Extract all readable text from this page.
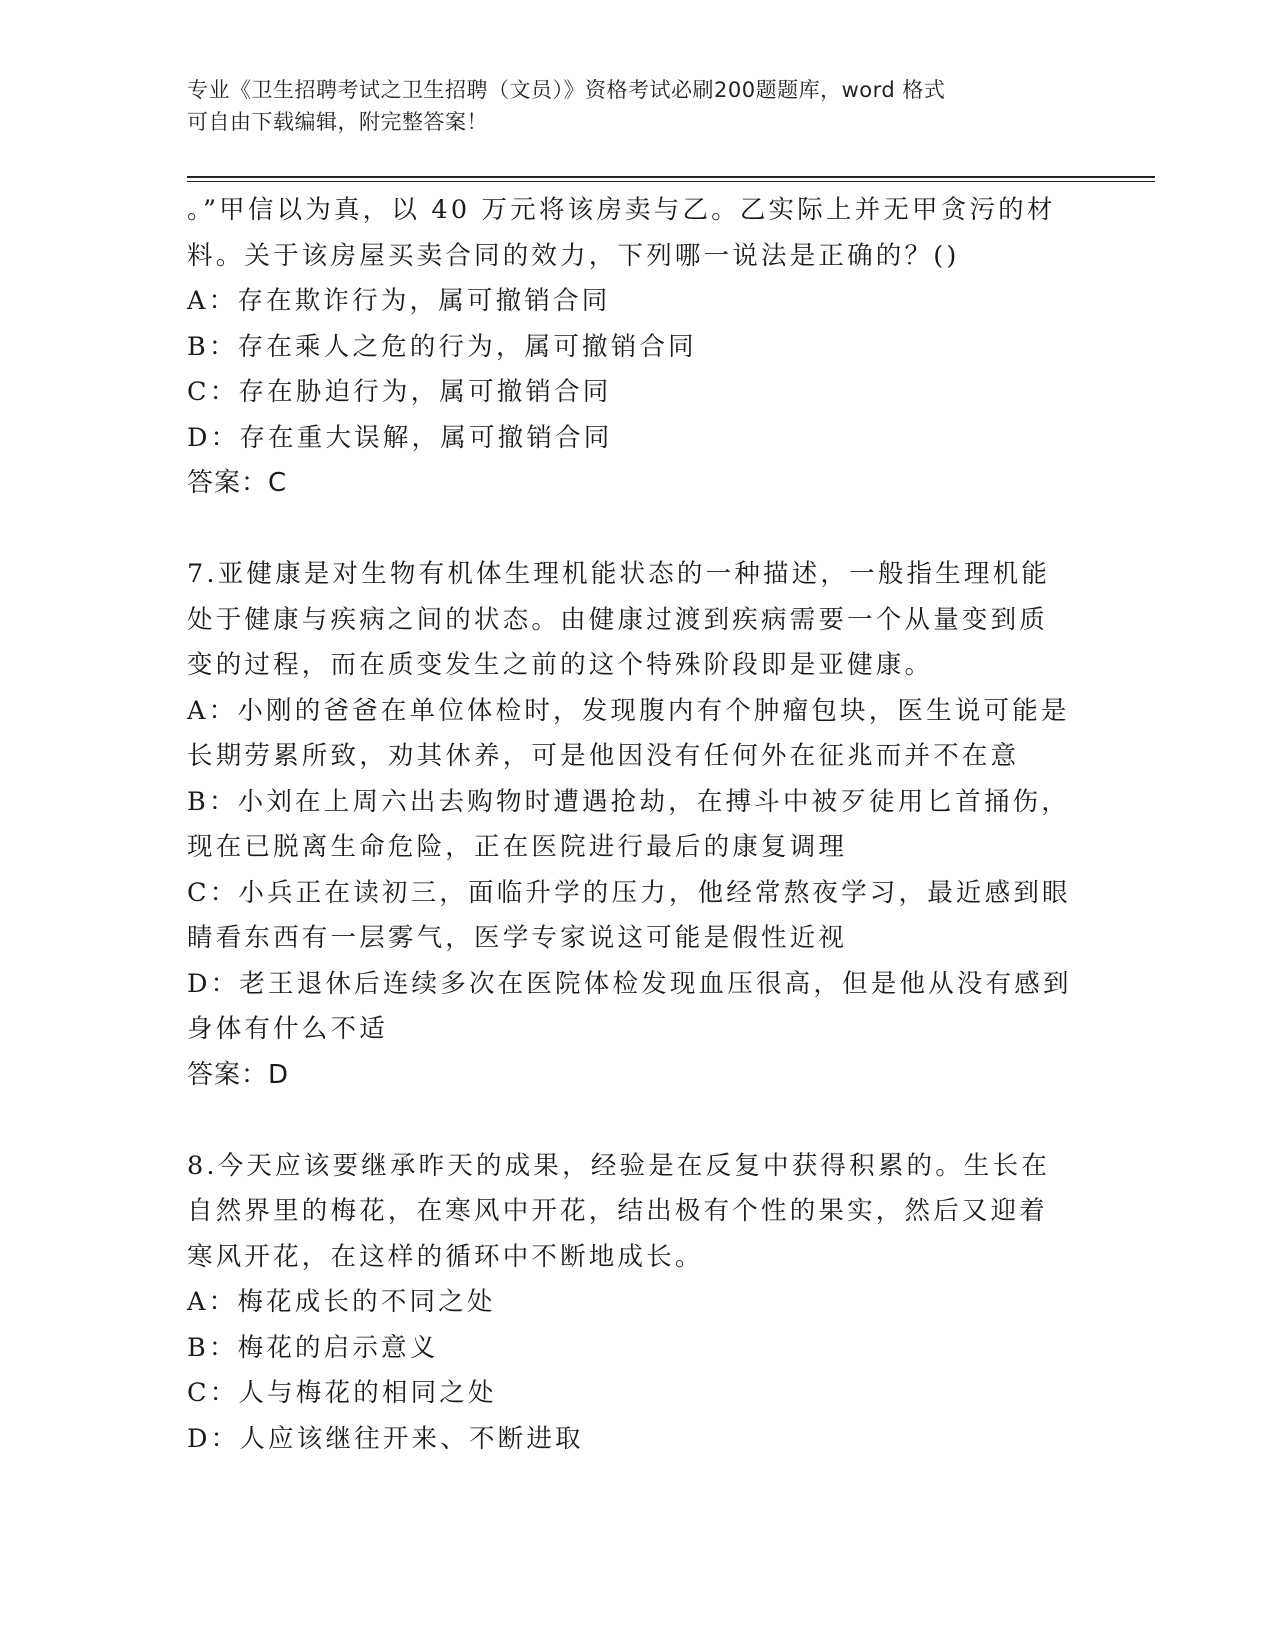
专业《卫生招聘考试之卫生招聘（文员）》资格考试必刷200题题库，word 格式
可自由下载编辑，附完整答案！
。”甲信以为真，以 40 万元将该房卖与乙。乙实际上并无甲贪污的材
料。关于该房屋买卖合同的效力，下列哪一说法是正确的？()
A：存在欺诈行为，属可撤销合同
B：存在乘人之危的行为，属可撤销合同
C：存在胁迫行为，属可撤销合同
D：存在重大误解，属可撤销合同
答案：C
7.亚健康是对生物有机体生理机能状态的一种描述，一般指生理机能
处于健康与疾病之间的状态。由健康过渡到疾病需要一个从量变到质
变的过程，而在质变发生之前的这个特殊阶段即是亚健康。
A：小刚的爸爸在单位体检时，发现腹内有个肿瘤包块，医生说可能是
长期劳累所致，劝其休养，可是他因没有任何外在征兆而并不在意
B：小刘在上周六出去购物时遭遇抢劫，在搏斗中被歹徒用匕首捅伤，
现在已脱离生命危险，正在医院进行最后的康复调理
C：小兵正在读初三，面临升学的压力，他经常熬夜学习，最近感到眼
睛看东西有一层雾气，医学专家说这可能是假性近视
D：老王退休后连续多次在医院体检发现血压很高，但是他从没有感到
身体有什么不适
答案：D
8.今天应该要继承昨天的成果，经验是在反复中获得积累的。生长在
自然界里的梅花，在寒风中开花，结出极有个性的果实，然后又迎着
寒风开花，在这样的循环中不断地成长。
A：梅花成长的不同之处
B：梅花的启示意义
C：人与梅花的相同之处
D：人应该继往开来、不断进取
